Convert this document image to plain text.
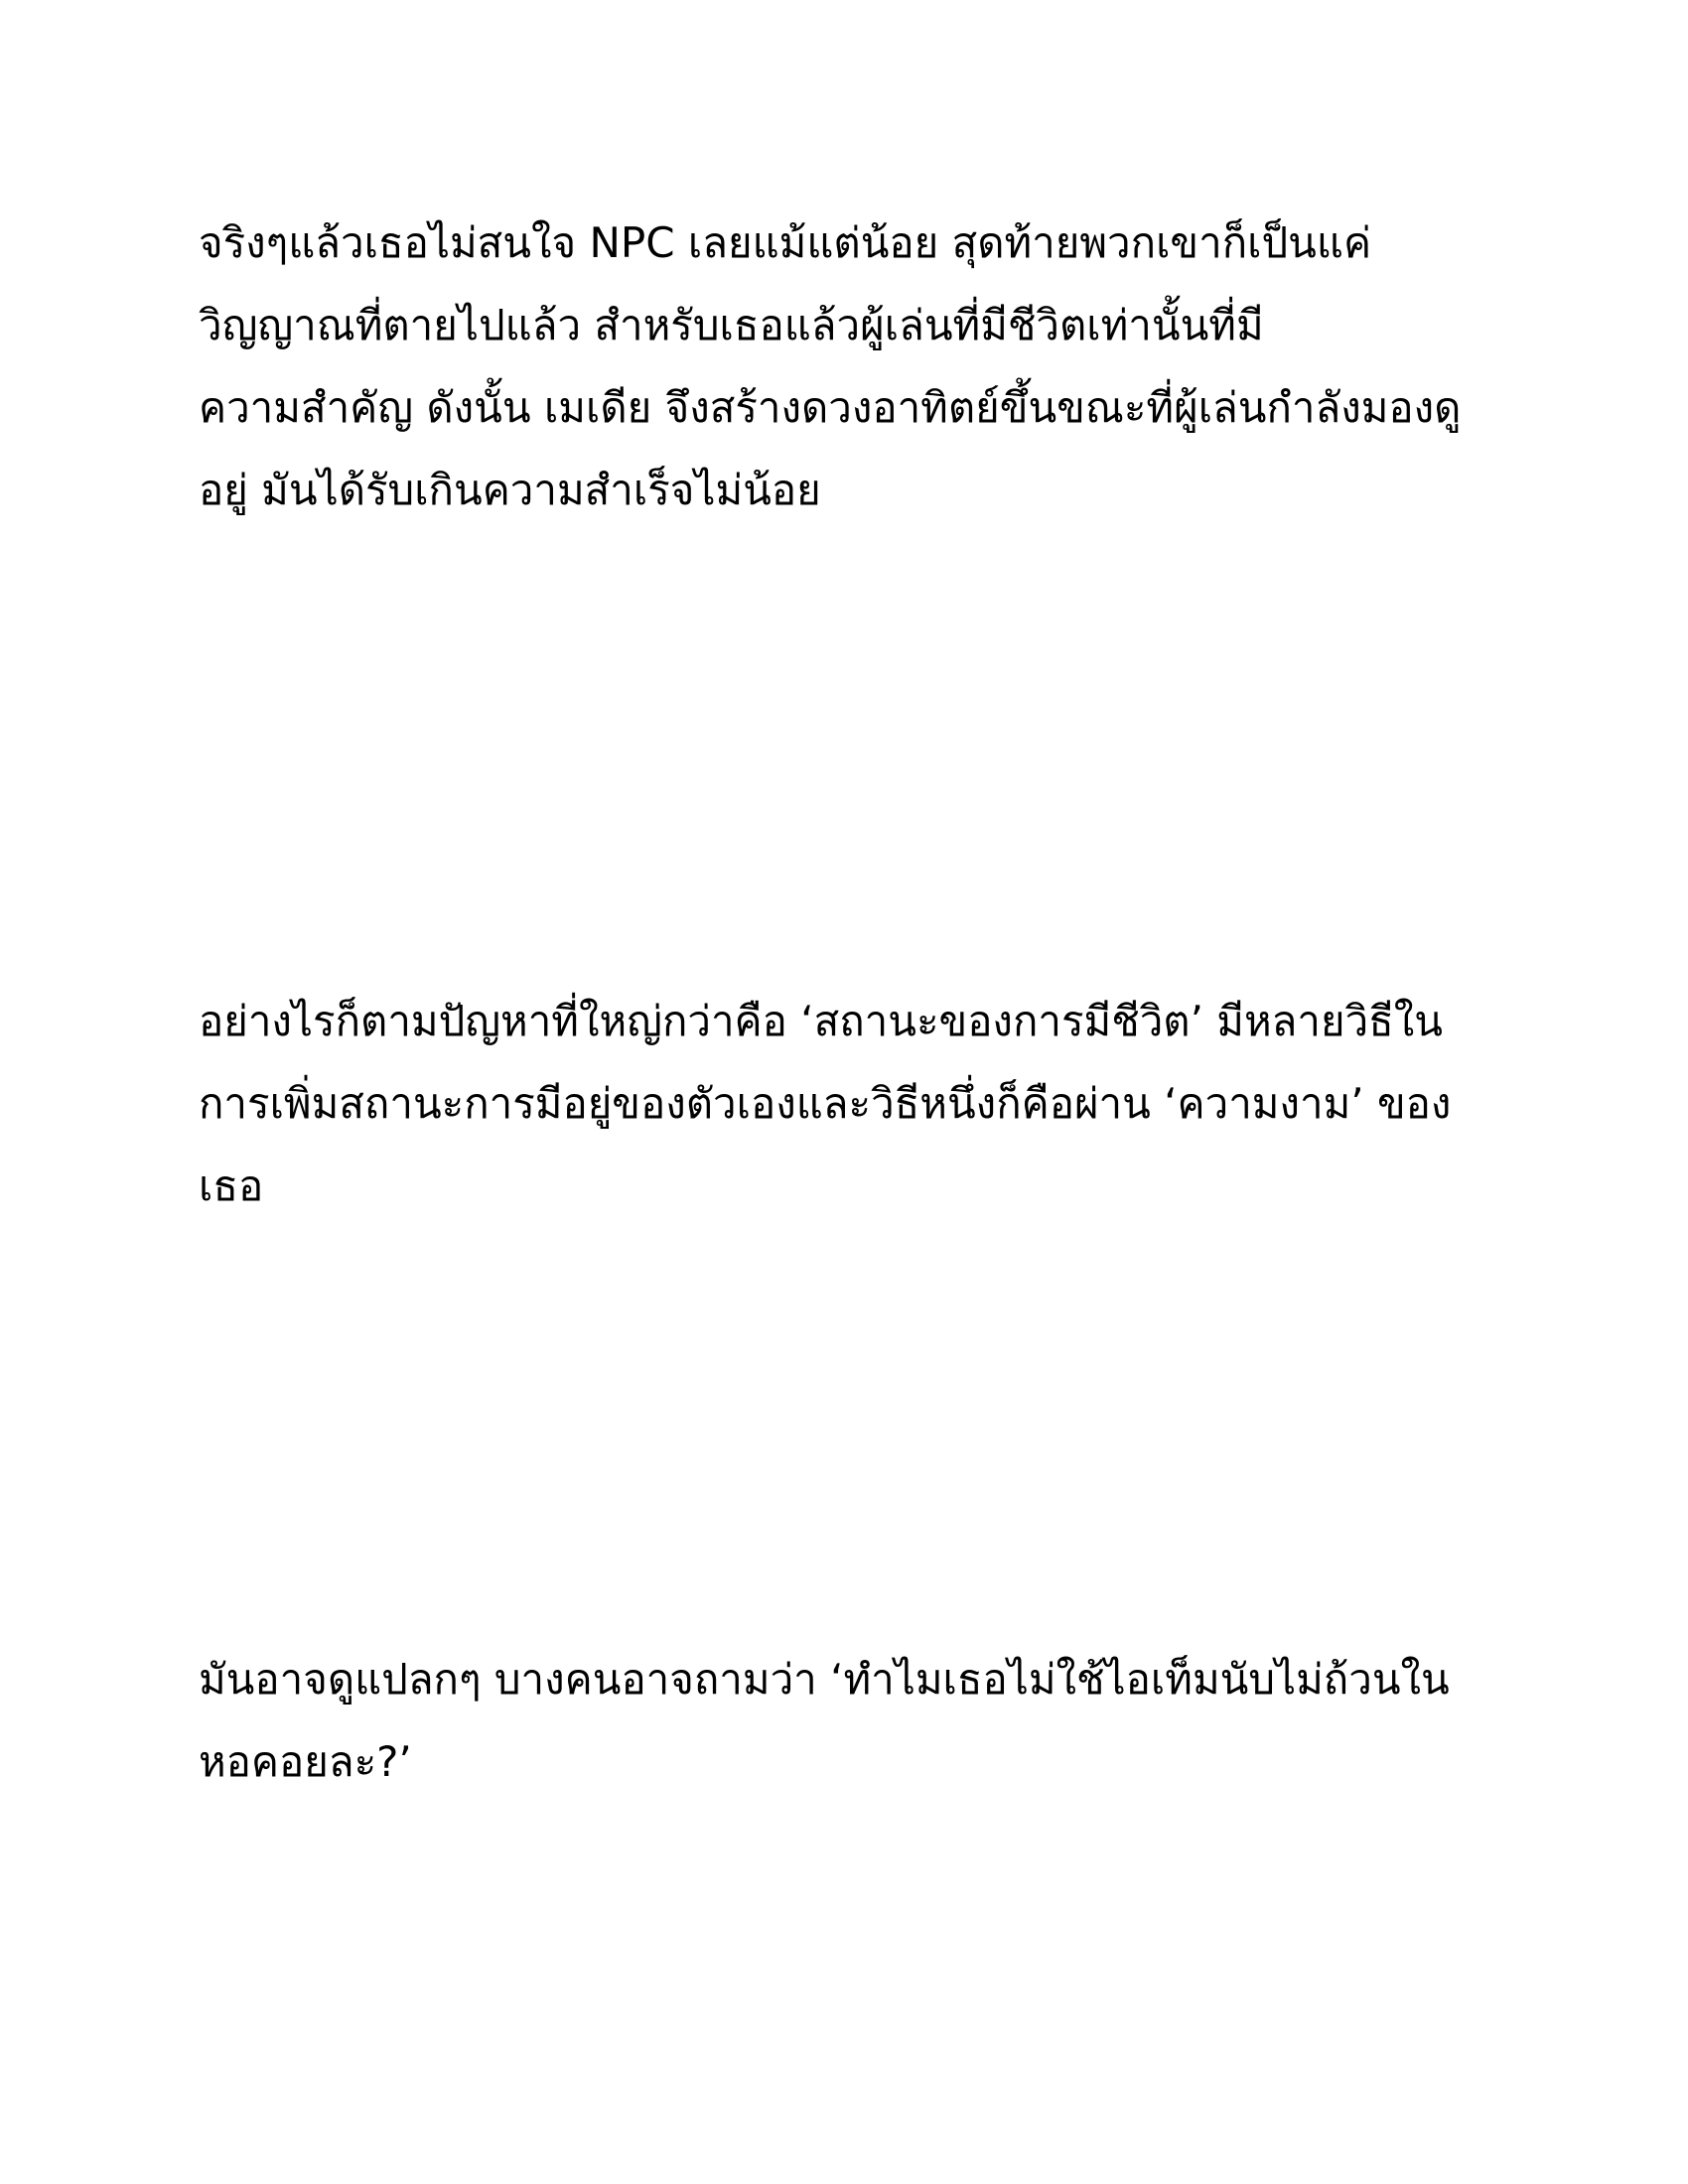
จริงๆแล้วเธอไม่สนใจ NPC เลยแม้แต่น้อย สุดท้ายพวกเขาก็เป็นแค่
วิญญาณที่ตายไปแล้ว สำหรับเธอแล้วผู้เล่นที่มีชีวิตเท่านั้นที่มี
ความสำคัญ ดังนั้น เมเดีย จึงสร้างดวงอาทิตย์ขึ้นขณะที่ผู้เล่นกำลังมองดู
อยู่ มันได้รับเกินความสำเร็จไม่น้อย

อย่างไรก็ตามปัญหาที่ใหญ่กว่าคือ ‘สถานะของการมีชีวิต’ มีหลายวิธีใน
การเพิ่มสถานะการมีอยู่ของตัวเองและวิธีหนึ่งก็คือผ่าน ‘ความงาม’ ของ
เธอ

มันอาจดูแปลกๆ บางคนอาจถามว่า ‘ทำไมเธอไม่ใช้ไอเท็มนับไม่ถ้วนใน
หอคอยละ?’
